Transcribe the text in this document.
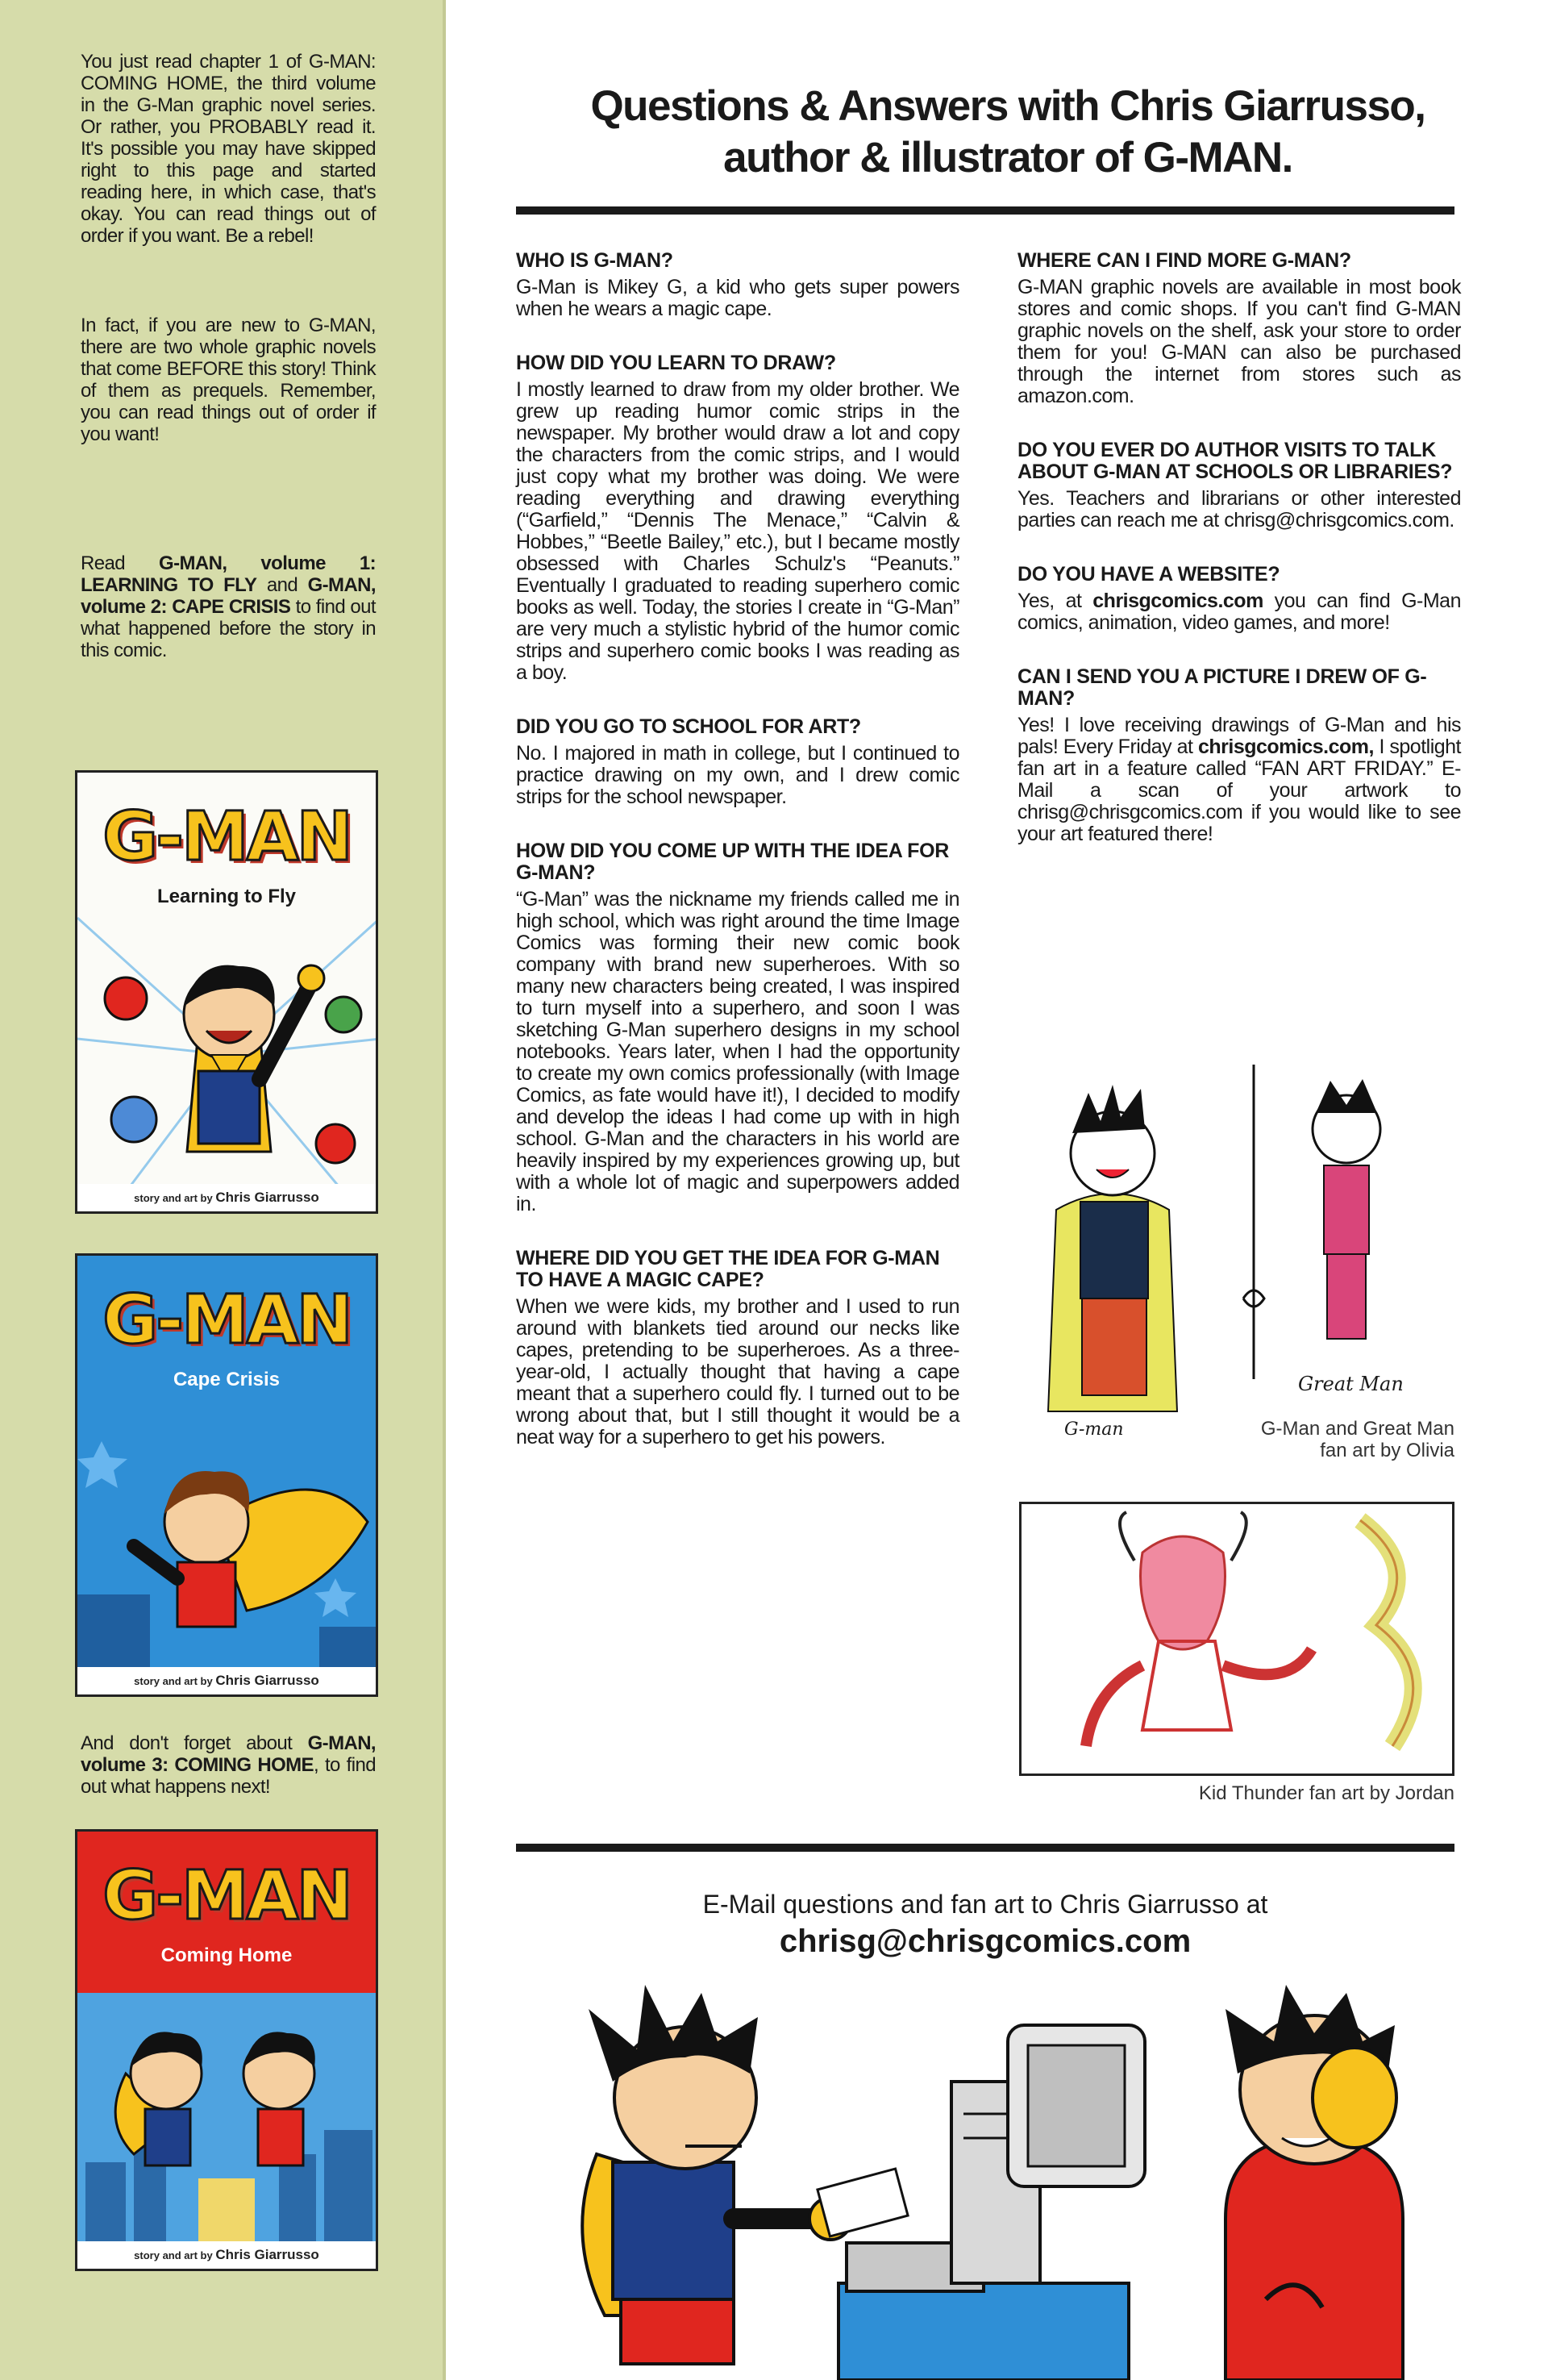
You just read chapter 1 of G-MAN: COMING HOME, the third volume in the G-Man graphic novel series. Or rather, you PROBABLY read it. It's possible you may have skipped right to this page and started reading here, in which case, that's okay. You can read things out of order if you want. Be a rebel!
In fact, if you are new to G-MAN, there are two whole graphic novels that come BEFORE this story! Think of them as prequels. Remember, you can read things out of order if you want!
Read G-MAN, volume 1: LEARNING TO FLY and G-MAN, volume 2: CAPE CRISIS to find out what happened before the story in this comic.
G-MAN
Learning to Fly
story and art by Chris Giarrusso
G-MAN
Cape Crisis
story and art by Chris Giarrusso
And don't forget about G-MAN, volume 3: COMING HOME, to find out what happens next!
G-MAN
Coming Home
story and art by Chris Giarrusso
Questions & Answers with Chris Giarrusso,
author & illustrator of G-MAN.
WHO IS G-MAN?

G-Man is Mikey G, a kid who gets super powers when he wears a magic cape.

HOW DID YOU LEARN TO DRAW?

I mostly learned to draw from my older brother. We grew up reading humor comic strips in the newspaper. My brother would draw a lot and copy the characters from the comic strips, and I would just copy what my brother was doing. We were reading everything and drawing everything (“Garfield,” “Dennis The Menace,” “Calvin & Hobbes,” “Beetle Bailey,” etc.), but I became mostly obsessed with Charles Schulz's “Peanuts.” Eventually I graduated to reading superhero comic books as well. Today, the stories I create in “G-Man” are very much a stylistic hybrid of the humor comic strips and superhero comic books I was reading as a boy.

DID YOU GO TO SCHOOL FOR ART?

No. I majored in math in college, but I continued to practice drawing on my own, and I drew comic strips for the school newspaper.

HOW DID YOU COME UP WITH THE IDEA FOR G-MAN?

“G-Man” was the nickname my friends called me in high school, which was right around the time Image Comics was forming their new comic book company with brand new superheroes. With so many new characters being created, I was inspired to turn myself into a superhero, and soon I was sketching G-Man superhero designs in my school notebooks. Years later, when I had the opportunity to create my own comics professionally (with Image Comics, as fate would have it!), I decided to modify and develop the ideas I had come up with in high school. G-Man and the characters in his world are heavily inspired by my experiences growing up, but with a whole lot of magic and superpowers added in.

WHERE DID YOU GET THE IDEA FOR G-MAN TO HAVE A MAGIC CAPE?

When we were kids, my brother and I used to run around with blankets tied around our necks like capes, pretending to be superheroes. As a three-year-old, I actually thought that having a cape meant that a superhero could fly. I turned out to be wrong about that, but I still thought it would be a neat way for a superhero to get his powers.

WHERE CAN I FIND MORE G-MAN?

G-MAN graphic novels are available in most book stores and comic shops. If you can't find G-MAN graphic novels on the shelf, ask your store to order them for you! G-MAN can also be purchased through the internet from stores such as amazon.com.

DO YOU EVER DO AUTHOR VISITS TO TALK ABOUT G-MAN AT SCHOOLS OR LIBRARIES?

Yes. Teachers and librarians or other interested parties can reach me at chrisg@chrisgcomics.com.

DO YOU HAVE A WEBSITE?

Yes, at chrisgcomics.com you can find G-Man comics, animation, video games, and more!

CAN I SEND YOU A PICTURE I DREW OF G-MAN?

Yes! I love receiving drawings of G-Man and his pals! Every Friday at chrisgcomics.com, I spotlight fan art in a feature called “FAN ART FRIDAY.” E-Mail a scan of your artwork to chrisg@chrisgcomics.com if you would like to see your art featured there!

Great Man
G-man	G-Man and Great Man
fan art by Olivia
Kid Thunder fan art by Jordan
E-Mail questions and fan art to Chris Giarrusso at
chrisg@chrisgcomics.com
